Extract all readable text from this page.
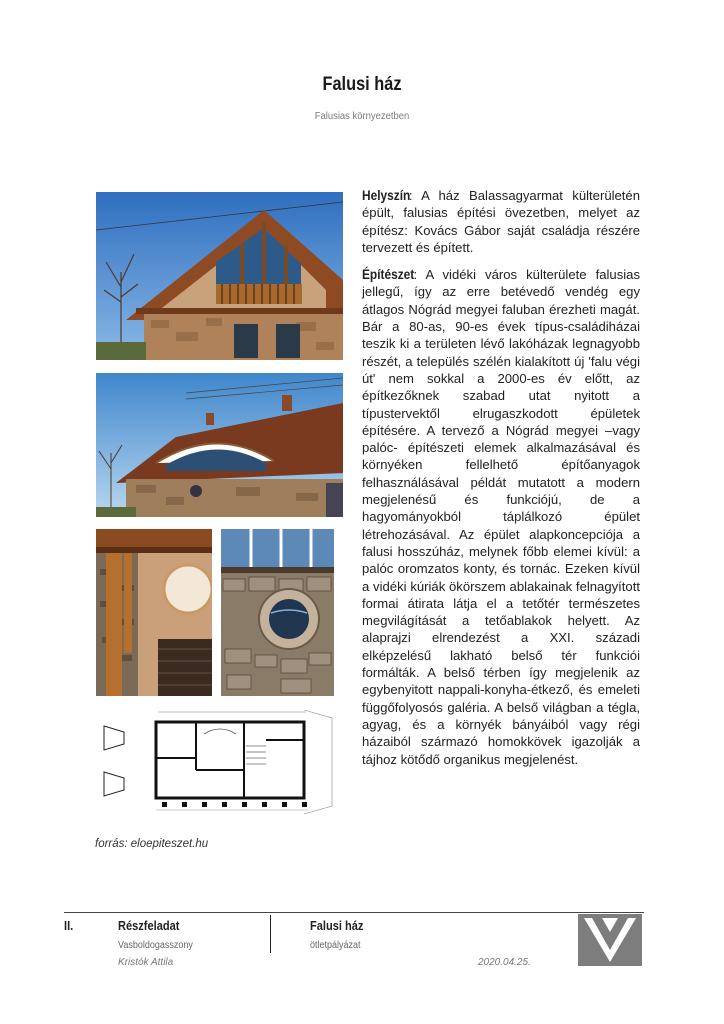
Falusi ház
Falusias környezetben

Helyszín: A ház Balassagyarmat külterületén épült, falusias építési övezetben, melyet az építész: Kovács Gábor saját családja részére tervezett és épített.

Építészet: A vidéki város külterülete falusias jellegű, így az erre betévedő vendég egy átlagos Nógrád megyei faluban érezheti magát. Bár a 80-as, 90-es évek típus-családiházai teszik ki a területen lévő lakóházak legnagyobb részét, a település szélén kialakított új 'falu végi út' nem sokkal a 2000-es év előtt, az építkezőknek szabad utat nyitott a típustervektől elrugaszkodott épületek építésére. A tervező a Nógrád megyei –vagy palóc- építészeti elemek alkalmazásával és környéken fellelhető építőanyagok felhasználásával példát mutatott a modern megjelenésű és funkciójú, de a hagyományokból táplálkozó épület létrehozásával. Az épület alapkoncepciója a falusi hosszúház, melynek főbb elemei kívül: a palóc oromzatos konty, és tornác. Ezeken kívül a vidéki kúriák ökörszem ablakainak felnagyított formai átirata látja el a tetőtér természetes megvilágítását a tetőablakok helyett. Az alaprajzi elrendezést a XXI. századi elképzelésű lakható belső tér funkciói formálták. A belső térben így megjelenik az egybenyitott nappali-konyha-étkező, és emeleti függőfolyosós galéria. A belső világban a tégla, agyag, és a környék bányáiból vagy régi házaiból származó homokkövek igazolják a tájhoz kötődő organikus megjelenést.

forrás: eloepiteszet.hu
II.	Részfeladat
Vasboldogasszony
Kristók Attila
Falusi ház
ötletpályázat
2020.04.25.
